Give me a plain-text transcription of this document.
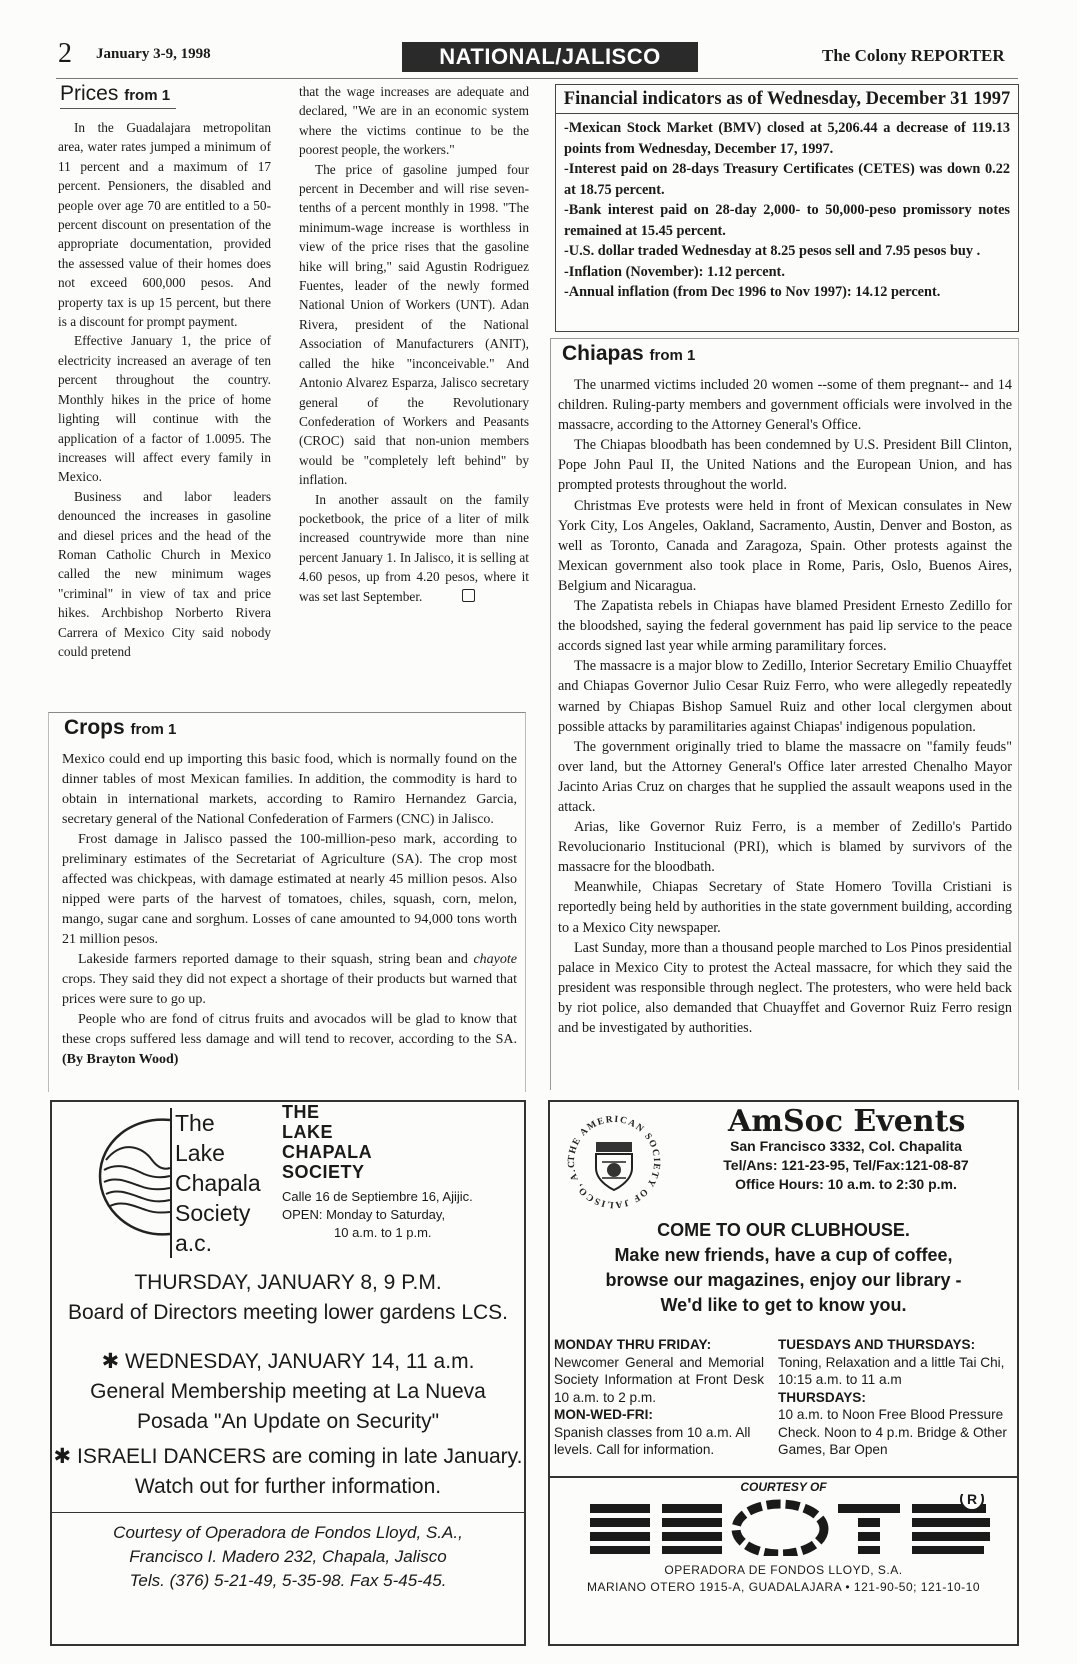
2 January 3-9, 1998	NATIONAL/JALISCO	The Colony REPORTER
Prices from 1

In the Guadalajara metropolitan area, water rates jumped a minimum of 11 percent and a maximum of 17 percent. Pensioners, the disabled and people over age 70 are entitled to a 50-percent discount on presentation of the appropriate documentation, provided the assessed value of their homes does not exceed 600,000 pesos. And property tax is up 15 percent, but there is a discount for prompt payment.

Effective January 1, the price of electricity increased an average of ten percent throughout the country. Monthly hikes in the price of home lighting will continue with the application of a factor of 1.0095. The increases will affect every family in Mexico.

Business and labor leaders denounced the increases in gasoline and diesel prices and the head of the Roman Catholic Church in Mexico called the new minimum wages "criminal" in view of tax and price hikes. Archbishop Norberto Rivera Carrera of Mexico City said nobody could pretend

that the wage increases are adequate and declared, "We are in an economic system where the victims continue to be the poorest people, the workers."

The price of gasoline jumped four percent in December and will rise seven-tenths of a percent monthly in 1998. "The minimum-wage increase is worthless in view of the price rises that the gasoline hike will bring," said Agustin Rodriguez Fuentes, leader of the newly formed National Union of Workers (UNT). Adan Rivera, president of the National Association of Manufacturers (ANIT), called the hike "inconceivable." And Antonio Alvarez Esparza, Jalisco secretary general of the Revolutionary Confederation of Workers and Peasants (CROC) said that non-union members would be "completely left behind" by inflation.

In another assault on the family pocketbook, the price of a liter of milk increased countrywide more than nine percent January 1. In Jalisco, it is selling at 4.60 pesos, up from 4.20 pesos, where it was set last September.

Financial indicators as of Wednesday, December 31 1997

-Mexican Stock Market (BMV) closed at 5,206.44 a decrease of 119.13 points from Wednesday, December 17, 1997.

-Interest paid on 28-days Treasury Certificates (CETES) was down 0.22 at 18.75 percent.

-Bank interest paid on 28-day 2,000- to 50,000-peso promissory notes remained at 15.45 percent.

-U.S. dollar traded Wednesday at 8.25 pesos sell and 7.95 pesos buy .

-Inflation (November): 1.12 percent.

-Annual inflation (from Dec 1996 to Nov 1997): 14.12 percent.

Chiapas from 1

The unarmed victims included 20 women --some of them pregnant-- and 14 children. Ruling-party members and government officials were involved in the massacre, according to the Attorney General's Office.

The Chiapas bloodbath has been condemned by U.S. President Bill Clinton, Pope John Paul II, the United Nations and the European Union, and has prompted protests throughout the world.

Christmas Eve protests were held in front of Mexican consulates in New York City, Los Angeles, Oakland, Sacramento, Austin, Denver and Boston, as well as Toronto, Canada and Zaragoza, Spain. Other protests against the Mexican government also took place in Rome, Paris, Oslo, Buenos Aires, Belgium and Nicaragua.

The Zapatista rebels in Chiapas have blamed President Ernesto Zedillo for the bloodshed, saying the federal government has paid lip service to the peace accords signed last year while arming paramilitary forces.

The massacre is a major blow to Zedillo, Interior Secretary Emilio Chuayffet and Chiapas Governor Julio Cesar Ruiz Ferro, who were allegedly repeatedly warned by Chiapas Bishop Samuel Ruiz and other local clergymen about possible attacks by paramilitaries against Chiapas' indigenous population.

The government originally tried to blame the massacre on "family feuds" over land, but the Attorney General's Office later arrested Chenalho Mayor Jacinto Arias Cruz on charges that he supplied the assault weapons used in the attack.

Arias, like Governor Ruiz Ferro, is a member of Zedillo's Partido Revolucionario Institucional (PRI), which is blamed by survivors of the massacre for the bloodbath.

Meanwhile, Chiapas Secretary of State Homero Tovilla Cristiani is reportedly being held by authorities in the state government building, according to a Mexico City newspaper.

Last Sunday, more than a thousand people marched to Los Pinos presidential palace in Mexico City to protest the Acteal massacre, for which they said the president was responsible through neglect. The protesters, who were held back by riot police, also demanded that Chuayffet and Governor Ruiz Ferro resign and be investigated by authorities.

Crops from 1

Mexico could end up importing this basic food, which is normally found on the dinner tables of most Mexican families. In addition, the commodity is hard to obtain in international markets, according to Ramiro Hernandez Garcia, secretary general of the National Confederation of Farmers (CNC) in Jalisco.

Frost damage in Jalisco passed the 100-million-peso mark, according to preliminary estimates of the Secretariat of Agriculture (SA). The crop most affected was chickpeas, with damage estimated at nearly 45 million pesos. Also nipped were parts of the harvest of tomatoes, chiles, squash, corn, melon, mango, sugar cane and sorghum. Losses of cane amounted to 94,000 tons worth 21 million pesos.

Lakeside farmers reported damage to their squash, string bean and chayote crops. They said they did not expect a shortage of their products but warned that prices were sure to go up.

People who are fond of citrus fruits and avocados will be glad to know that these crops suffered less damage and will tend to recover, according to the SA. (By Brayton Wood)

The
Lake
Chapala
Society
a.c.
THE
LAKE
CHAPALA
SOCIETY
Calle 16 de Septiembre 16, Ajijic.
OPEN: Monday to Saturday,
10 a.m. to 1 p.m.
THURSDAY, JANUARY 8, 9 P.M.
Board of Directors meeting lower gardens LCS.
✱ WEDNESDAY, JANUARY 14, 11 a.m.
General Membership meeting at La Nueva
Posada "An Update on Security"
✱ ISRAELI DANCERS are coming in late January.
Watch out for further information.
Courtesy of Operadora de Fondos Lloyd, S.A.,
Francisco I. Madero 232, Chapala, Jalisco
Tels. (376) 5-21-49, 5-35-98. Fax 5-45-45.
THE AMERICAN SOCIETY OF JALISCO, A.C
AmSoc Events
San Francisco 3332, Col. Chapalita
Tel/Ans: 121-23-95, Tel/Fax:121-08-87
Office Hours: 10 a.m. to 2:30 p.m.
COME TO OUR CLUBHOUSE.
Make new friends, have a cup of coffee,
browse our magazines, enjoy our library -
We'd like to get to know you.
MONDAY THRU FRIDAY:
Newcomer General and Memorial Society Information at Front Desk 10 a.m. to 2 p.m.
MON-WED-FRI:
Spanish classes from 10 a.m. All levels. Call for information.
TUESDAYS AND THURSDAYS:
Toning, Relaxation and a little Tai Chi, 10:15 a.m. to 11 a.m
THURSDAYS:
10 a.m. to Noon Free Blood Pressure Check. Noon to 4 p.m. Bridge & Other Games, Bar Open
COURTESY OF
LLOYD
R
OPERADORA DE FONDOS LLOYD, S.A.
MARIANO OTERO 1915-A, GUADALAJARA • 121-90-50; 121-10-10
